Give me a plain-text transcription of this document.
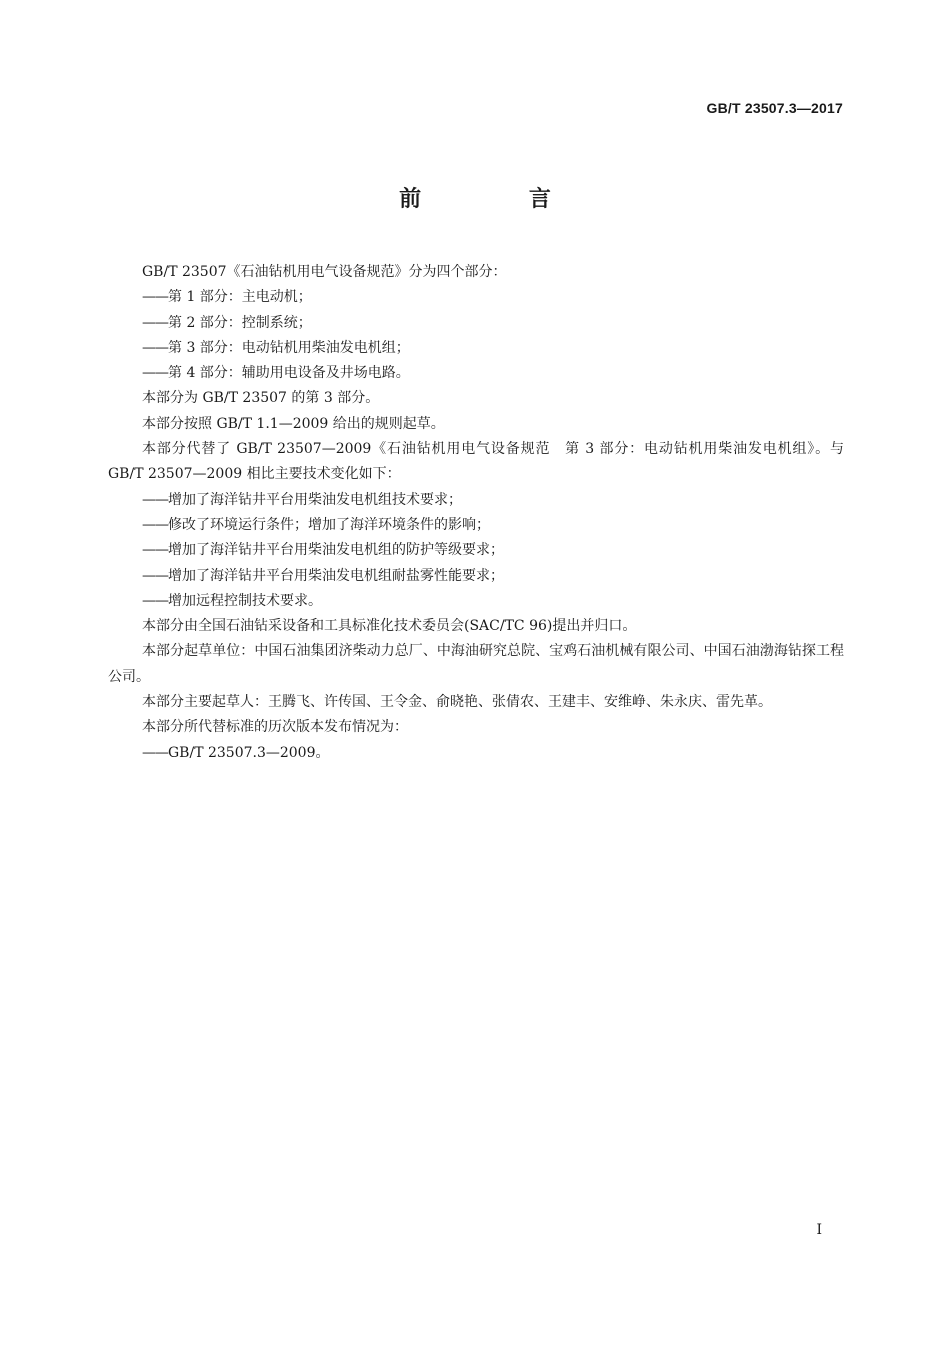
GB/T 23507.3—2017
前 言

GB/T 23507《石油钻机用电气设备规范》分为四个部分：

——第 1 部分：主电动机；

——第 2 部分：控制系统；

——第 3 部分：电动钻机用柴油发电机组；

——第 4 部分：辅助用电设备及井场电路。

本部分为 GB/T 23507 的第 3 部分。

本部分按照 GB/T 1.1—2009 给出的规则起草。

本部分代替了 GB/T 23507—2009《石油钻机用电气设备规范　第 3 部分：电动钻机用柴油发电机组》。与 GB/T 23507—2009 相比主要技术变化如下：

——增加了海洋钻井平台用柴油发电机组技术要求；

——修改了环境运行条件；增加了海洋环境条件的影响；

——增加了海洋钻井平台用柴油发电机组的防护等级要求；

——增加了海洋钻井平台用柴油发电机组耐盐雾性能要求；

——增加远程控制技术要求。

本部分由全国石油钻采设备和工具标准化技术委员会(SAC/TC 96)提出并归口。

本部分起草单位：中国石油集团济柴动力总厂、中海油研究总院、宝鸡石油机械有限公司、中国石油渤海钻探工程公司。

本部分主要起草人：王腾飞、许传国、王令金、俞晓艳、张倩农、王建丰、安维峥、朱永庆、雷先革。

本部分所代替标准的历次版本发布情况为：

——GB/T 23507.3—2009。

I
